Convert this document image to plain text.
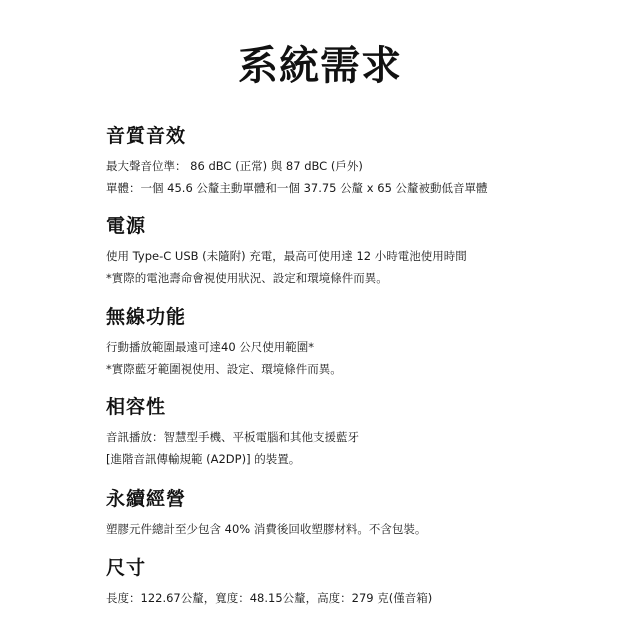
系統需求
音質音效
最大聲音位準： 86 dBC (正常) 與 87 dBC (戶外)
單體：一個 45.6 公釐主動單體和一個 37.75 公釐 x 65 公釐被動低音單體
電源
使用 Type-C USB (未隨附) 充電，最高可使用達 12 小時電池使用時間
*實際的電池壽命會視使用狀況、設定和環境條件而異。
無線功能
行動播放範圍最遠可達40 公尺使用範圍*
*實際藍牙範圍視使用、設定、環境條件而異。
相容性
音訊播放：智慧型手機、平板電腦和其他支援藍牙
[進階音訊傳輸規範 (A2DP)] 的裝置。
永續經營
塑膠元件總計至少包含 40% 消費後回收塑膠材料。不含包裝。
尺寸
長度：122.67公釐，寬度：48.15公釐，高度：279 克(僅音箱)
